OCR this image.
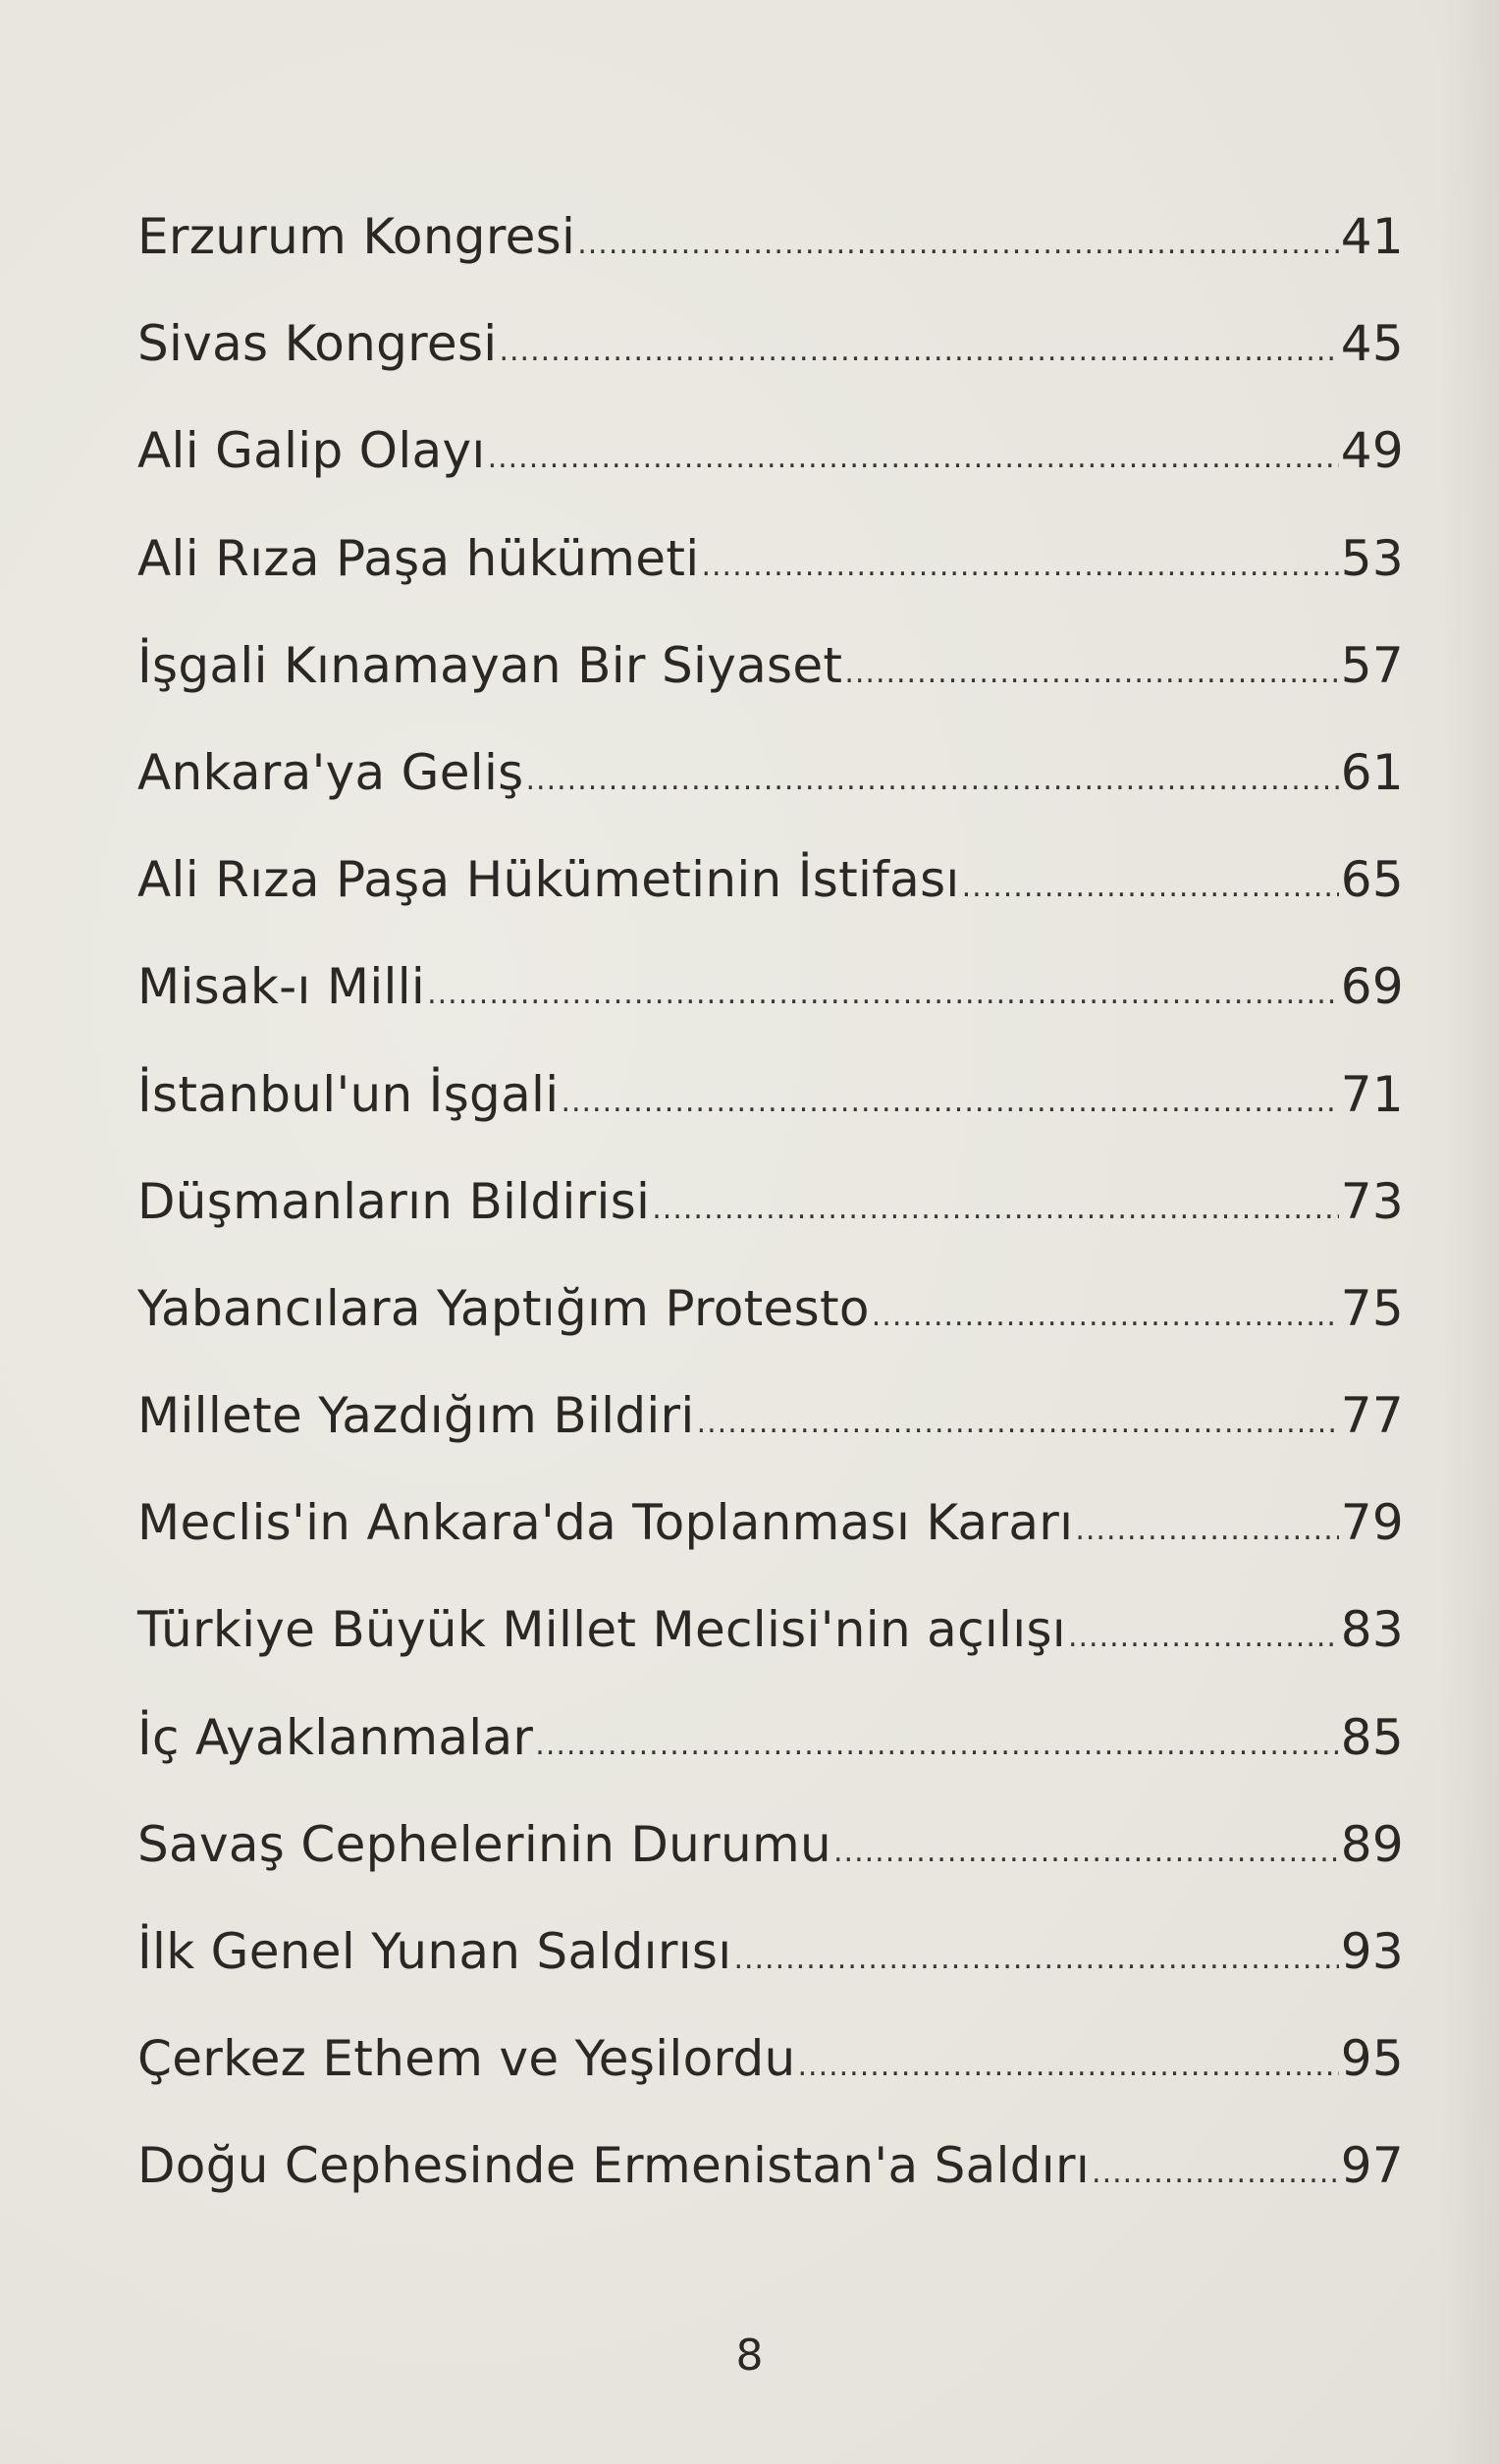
Erzurum Kongresi .....	41
Sivas Kongresi .....	45
Ali Galip Olayı .....	49
Ali Rıza Paşa hükümeti .....	53
İşgali Kınamayan Bir Siyaset .....	57
Ankara'ya Geliş .....	61
Ali Rıza Paşa Hükümetinin İstifası .....	65
Misak-ı Milli .....	69
İstanbul'un İşgali .....	71
Düşmanların Bildirisi .....	73
Yabancılara Yaptığım Protesto .....	75
Millete Yazdığım Bildiri .....	77
Meclis'in Ankara'da Toplanması Kararı .....	79
Türkiye Büyük Millet Meclisi'nin açılışı .....	83
İç Ayaklanmalar .....	85
Savaş Cephelerinin Durumu .....	89
İlk Genel Yunan Saldırısı .....	93
Çerkez Ethem ve Yeşilordu .....	95
Doğu Cephesinde Ermenistan'a Saldırı .....	97
8
